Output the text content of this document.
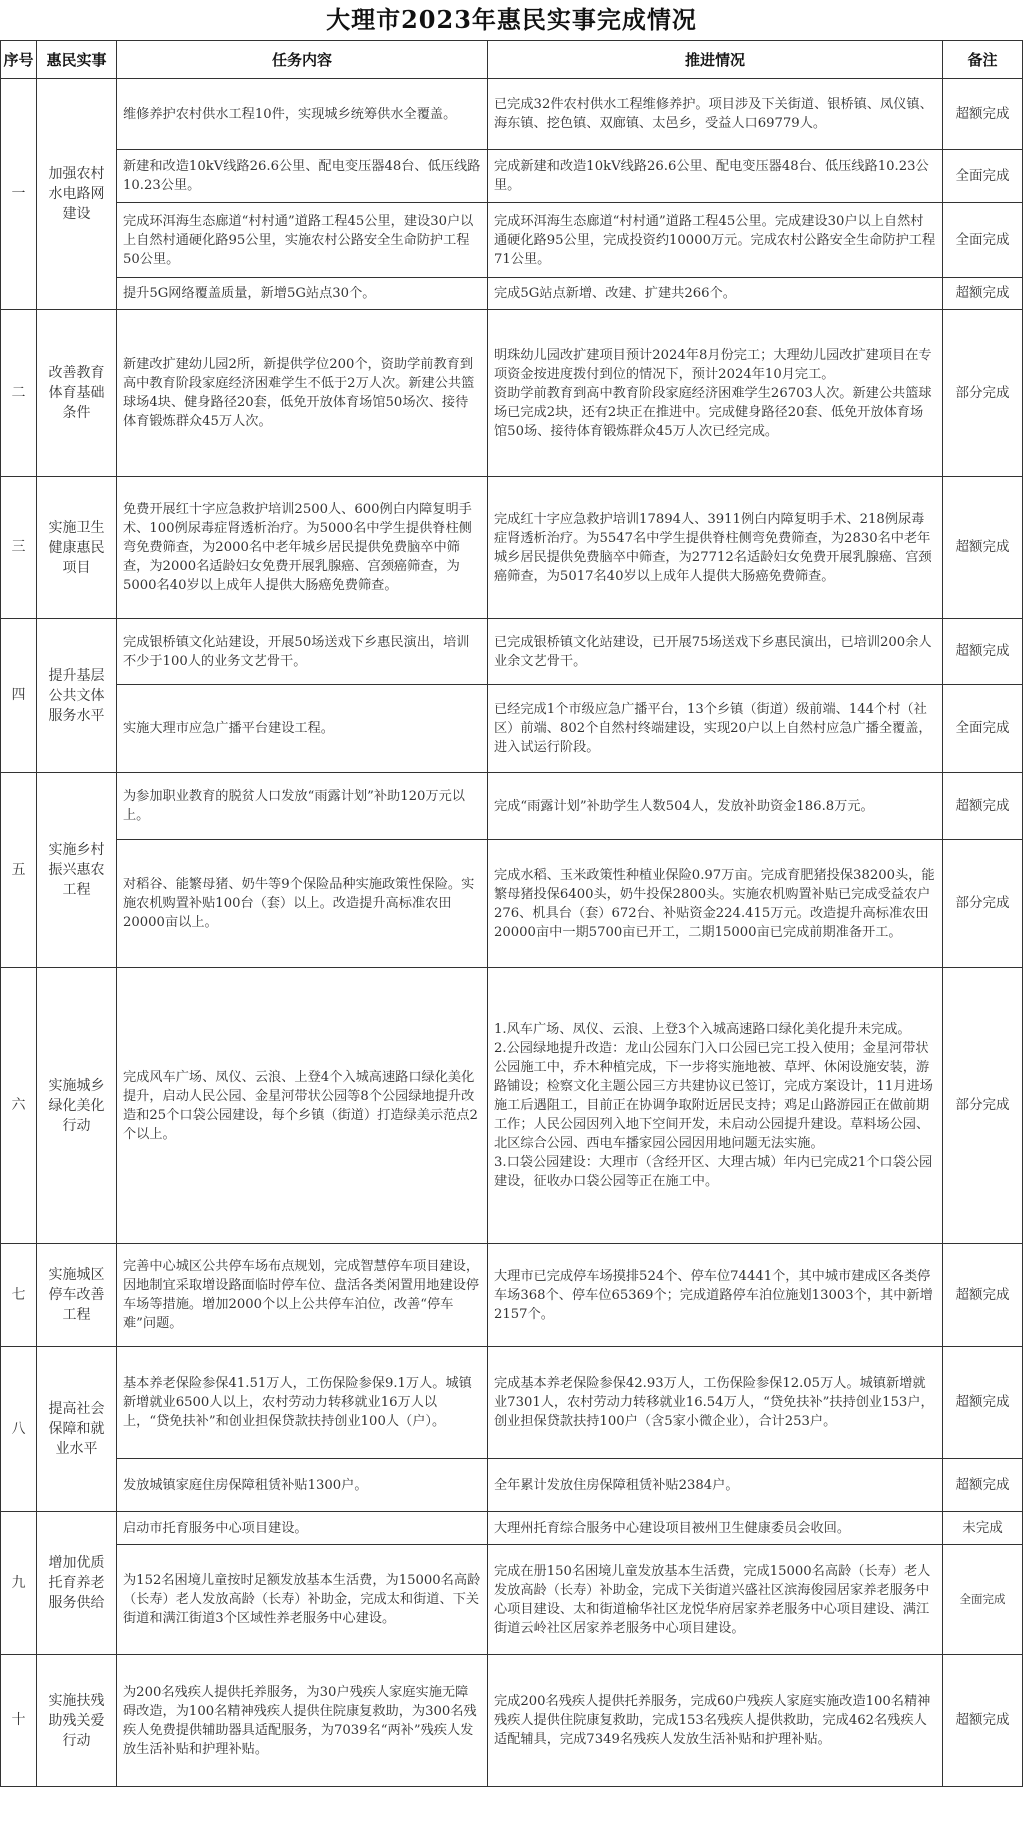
大理市2023年惠民实事完成情况
序号	惠民实事	任务内容	推进情况	备注
一	加强农村水电路网建设	维修养护农村供水工程10件，实现城乡统筹供水全覆盖。	已完成32件农村供水工程维修养护。项目涉及下关街道、银桥镇、凤仪镇、海东镇、挖色镇、双廊镇、太邑乡，受益人口69779人。	超额完成
		新建和改造10kV线路26.6公里、配电变压器48台、低压线路10.23公里。	完成新建和改造10kV线路26.6公里、配电变压器48台、低压线路10.23公里。	全面完成
		完成环洱海生态廊道“村村通”道路工程45公里，建设30户以上自然村通硬化路95公里，实施农村公路安全生命防护工程50公里。	完成环洱海生态廊道“村村通”道路工程45公里。完成建设30户以上自然村通硬化路95公里，完成投资约10000万元。完成农村公路安全生命防护工程71公里。	全面完成
		提升5G网络覆盖质量，新增5G站点30个。	完成5G站点新增、改建、扩建共266个。	超额完成
二	改善教育体育基础条件	新建改扩建幼儿园2所，新提供学位200个，资助学前教育到高中教育阶段家庭经济困难学生不低于2万人次。新建公共篮球场4块、健身路径20套，低免开放体育场馆50场次、接待体育锻炼群众45万人次。	明珠幼儿园改扩建项目预计2024年8月份完工；大理幼儿园改扩建项目在专项资金按进度拨付到位的情况下，预计2024年10月完工。
资助学前教育到高中教育阶段家庭经济困难学生26703人次。新建公共篮球场已完成2块，还有2块正在推进中。完成健身路径20套、低免开放体育场馆50场、接待体育锻炼群众45万人次已经完成。	部分完成
三	实施卫生健康惠民项目	免费开展红十字应急救护培训2500人、600例白内障复明手术、100例尿毒症肾透析治疗。为5000名中学生提供脊柱侧弯免费筛查，为2000名中老年城乡居民提供免费脑卒中筛查，为2000名适龄妇女免费开展乳腺癌、宫颈癌筛查，为5000名40岁以上成年人提供大肠癌免费筛查。	完成红十字应急救护培训17894人、3911例白内障复明手术、218例尿毒症肾透析治疗。为5547名中学生提供脊柱侧弯免费筛查，为2830名中老年城乡居民提供免费脑卒中筛查，为27712名适龄妇女免费开展乳腺癌、宫颈癌筛查，为5017名40岁以上成年人提供大肠癌免费筛查。	超额完成
四	提升基层公共文体服务水平	完成银桥镇文化站建设，开展50场送戏下乡惠民演出，培训不少于100人的业务文艺骨干。	已完成银桥镇文化站建设，已开展75场送戏下乡惠民演出，已培训200余人业余文艺骨干。	超额完成
		实施大理市应急广播平台建设工程。	已经完成1个市级应急广播平台，13个乡镇（街道）级前端、144个村（社区）前端、802个自然村终端建设，实现20户以上自然村应急广播全覆盖，进入试运行阶段。	全面完成
五	实施乡村振兴惠农工程	为参加职业教育的脱贫人口发放“雨露计划”补助120万元以上。	完成“雨露计划”补助学生人数504人，发放补助资金186.8万元。	超额完成
		对稻谷、能繁母猪、奶牛等9个保险品种实施政策性保险。实施农机购置补贴100台（套）以上。改造提升高标准农田20000亩以上。	完成水稻、玉米政策性种植业保险0.97万亩。完成育肥猪投保38200头，能繁母猪投保6400头，奶牛投保2800头。实施农机购置补贴已完成受益农户276、机具台（套）672台、补贴资金224.415万元。改造提升高标准农田20000亩中一期5700亩已开工，二期15000亩已完成前期准备开工。	部分完成
六	实施城乡绿化美化行动	完成风车广场、凤仪、云浪、上登4个入城高速路口绿化美化提升，启动人民公园、金星河带状公园等8个公园绿地提升改造和25个口袋公园建设，每个乡镇（街道）打造绿美示范点2个以上。	1.风车广场、凤仪、云浪、上登3个入城高速路口绿化美化提升未完成。
2.公园绿地提升改造：龙山公园东门入口公园已完工投入使用；金星河带状公园施工中，乔木种植完成，下一步将实施地被、草坪、休闲设施安装，游路铺设；检察文化主题公园三方共建协议已签订，完成方案设计，11月进场施工后遇阻工，目前正在协调争取附近居民支持；鸡足山路游园正在做前期工作；人民公园因列入地下空间开发，未启动公园提升建设。草料场公园、北区综合公园、西电车播家园公园因用地问题无法实施。
3.口袋公园建设：大理市（含经开区、大理古城）年内已完成21个口袋公园建设，征收办口袋公园等正在施工中。	部分完成
七	实施城区停车改善工程	完善中心城区公共停车场布点规划，完成智慧停车项目建设，因地制宜采取增设路面临时停车位、盘活各类闲置用地建设停车场等措施。增加2000个以上公共停车泊位，改善“停车难”问题。	大理市已完成停车场摸排524个、停车位74441个，其中城市建成区各类停车场368个、停车位65369个；完成道路停车泊位施划13003个，其中新增2157个。	超额完成
八	提高社会保障和就业水平	基本养老保险参保41.51万人，工伤保险参保9.1万人。城镇新增就业6500人以上，农村劳动力转移就业16万人以上，“贷免扶补”和创业担保贷款扶持创业100人（户）。	完成基本养老保险参保42.93万人，工伤保险参保12.05万人。城镇新增就业7301人，农村劳动力转移就业16.54万人，“贷免扶补”扶持创业153户，创业担保贷款扶持100户（含5家小微企业），合计253户。	超额完成
		发放城镇家庭住房保障租赁补贴1300户。	全年累计发放住房保障租赁补贴2384户。	超额完成
九	增加优质托育养老服务供给	启动市托育服务中心项目建设。	大理州托育综合服务中心建设项目被州卫生健康委员会收回。	未完成
		为152名困境儿童按时足额发放基本生活费，为15000名高龄（长寿）老人发放高龄（长寿）补助金，完成太和街道、下关街道和满江街道3个区域性养老服务中心建设。	完成在册150名困境儿童发放基本生活费，完成15000名高龄（长寿）老人发放高龄（长寿）补助金，完成下关街道兴盛社区滨海俊园居家养老服务中心项目建设、太和街道榆华社区龙悦华府居家养老服务中心项目建设、满江街道云岭社区居家养老服务中心项目建设。	全面完成
十	实施扶残助残关爱行动	为200名残疾人提供托养服务，为30户残疾人家庭实施无障碍改造，为100名精神残疾人提供住院康复救助，为300名残疾人免费提供辅助器具适配服务，为7039名“两补”残疾人发放生活补贴和护理补贴。	完成200名残疾人提供托养服务，完成60户残疾人家庭实施改造100名精神残疾人提供住院康复救助，完成153名残疾人提供救助，完成462名残疾人适配辅具，完成7349名残疾人发放生活补贴和护理补贴。	超额完成
